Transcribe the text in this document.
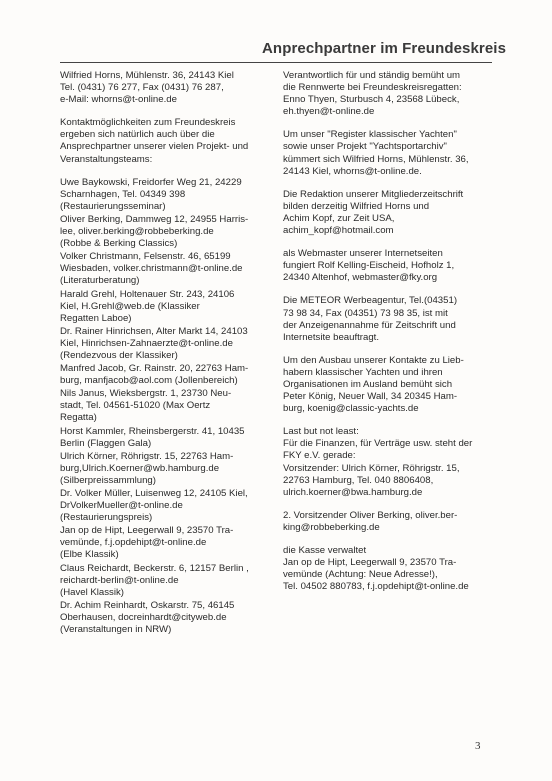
Anprechpartner im Freundeskreis

Wilfried Horns, Mühlenstr. 36, 24143 Kiel
Tel. (0431) 76 277, Fax (0431) 76 287,
e-Mail: whorns@t-online.de

Kontaktmöglichkeiten zum Freundeskreis
ergeben sich natürlich auch über die
Ansprechpartner unserer vielen Projekt- und
Veranstaltungsteams:

Uwe Baykowski, Freidorfer Weg 21, 24229
Scharnhagen, Tel. 04349 398
(Restaurierungsseminar)

Oliver Berking, Dammweg 12, 24955 Harris-
lee, oliver.berking@robbeberking.de
(Robbe & Berking Classics)

Volker Christmann, Felsenstr. 46, 65199
Wiesbaden, volker.christmann@t-online.de
(Literaturberatung)

Harald Grehl, Holtenauer Str. 243, 24106
Kiel, H.Grehl@web.de (Klassiker
Regatten Laboe)

Dr. Rainer Hinrichsen, Alter Markt 14, 24103
Kiel, Hinrichsen-Zahnaerzte@t-online.de
(Rendezvous der Klassiker)

Manfred Jacob, Gr. Rainstr. 20, 22763 Ham-
burg, manfjacob@aol.com (Jollenbereich)

Nils Janus, Wieksbergstr. 1, 23730 Neu-
stadt, Tel. 04561-51020 (Max Oertz
Regatta)

Horst Kammler, Rheinsbergerstr. 41, 10435
Berlin (Flaggen Gala)

Ulrich Körner, Röhrigstr. 15, 22763 Ham-
burg,Ulrich.Koerner@wb.hamburg.de
(Silberpreissammlung)

Dr. Volker Müller, Luisenweg 12, 24105 Kiel,
DrVolkerMueller@t-online.de
(Restaurierungspreis)

Jan op de Hipt, Leegerwall 9, 23570 Tra-
vemünde, f.j.opdehipt@t-online.de
(Elbe Klassik)

Claus Reichardt, Beckerstr. 6, 12157 Berlin ,
reichardt-berlin@t-online.de
(Havel Klassik)

Dr. Achim Reinhardt, Oskarstr. 75, 46145
Oberhausen, docreinhardt@cityweb.de
(Veranstaltungen in NRW)

Verantwortlich für und ständig bemüht um
die Rennwerte bei Freundeskreisregatten:
Enno Thyen, Sturbusch 4, 23568 Lübeck,
eh.thyen@t-online.de

Um unser "Register klassischer Yachten"
sowie unser Projekt "Yachtsportarchiv"
kümmert sich Wilfried Horns, Mühlenstr. 36,
24143 Kiel, whorns@t-online.de.

Die Redaktion unserer Mitgliederzeitschrift
bilden derzeitig Wilfried Horns und
Achim Kopf, zur Zeit USA,
achim_kopf@hotmail.com

als Webmaster unserer Internetseiten
fungiert Rolf Kelling-Eischeid, Hofholz 1,
24340 Altenhof, webmaster@fky.org

Die METEOR Werbeagentur, Tel.(04351)
73 98 34, Fax (04351) 73 98 35, ist mit
der Anzeigenannahme für Zeitschrift und
Internetsite beauftragt.

Um den Ausbau unserer Kontakte zu Lieb-
habern klassischer Yachten und ihren
Organisationen im Ausland bemüht sich
Peter König, Neuer Wall, 34 20345 Ham-
burg, koenig@classic-yachts.de

Last but not least:
Für die Finanzen, für Verträge usw. steht der
FKY e.V. gerade:
Vorsitzender: Ulrich Körner, Röhrigstr. 15,
22763 Hamburg, Tel. 040 8806408,
ulrich.koerner@bwa.hamburg.de

2. Vorsitzender Oliver Berking, oliver.ber-
king@robbeberking.de

die Kasse verwaltet
Jan op de Hipt, Leegerwall 9, 23570 Tra-
vemünde (Achtung: Neue Adresse!),
Tel. 04502 880783, f.j.opdehipt@t-online.de

3
